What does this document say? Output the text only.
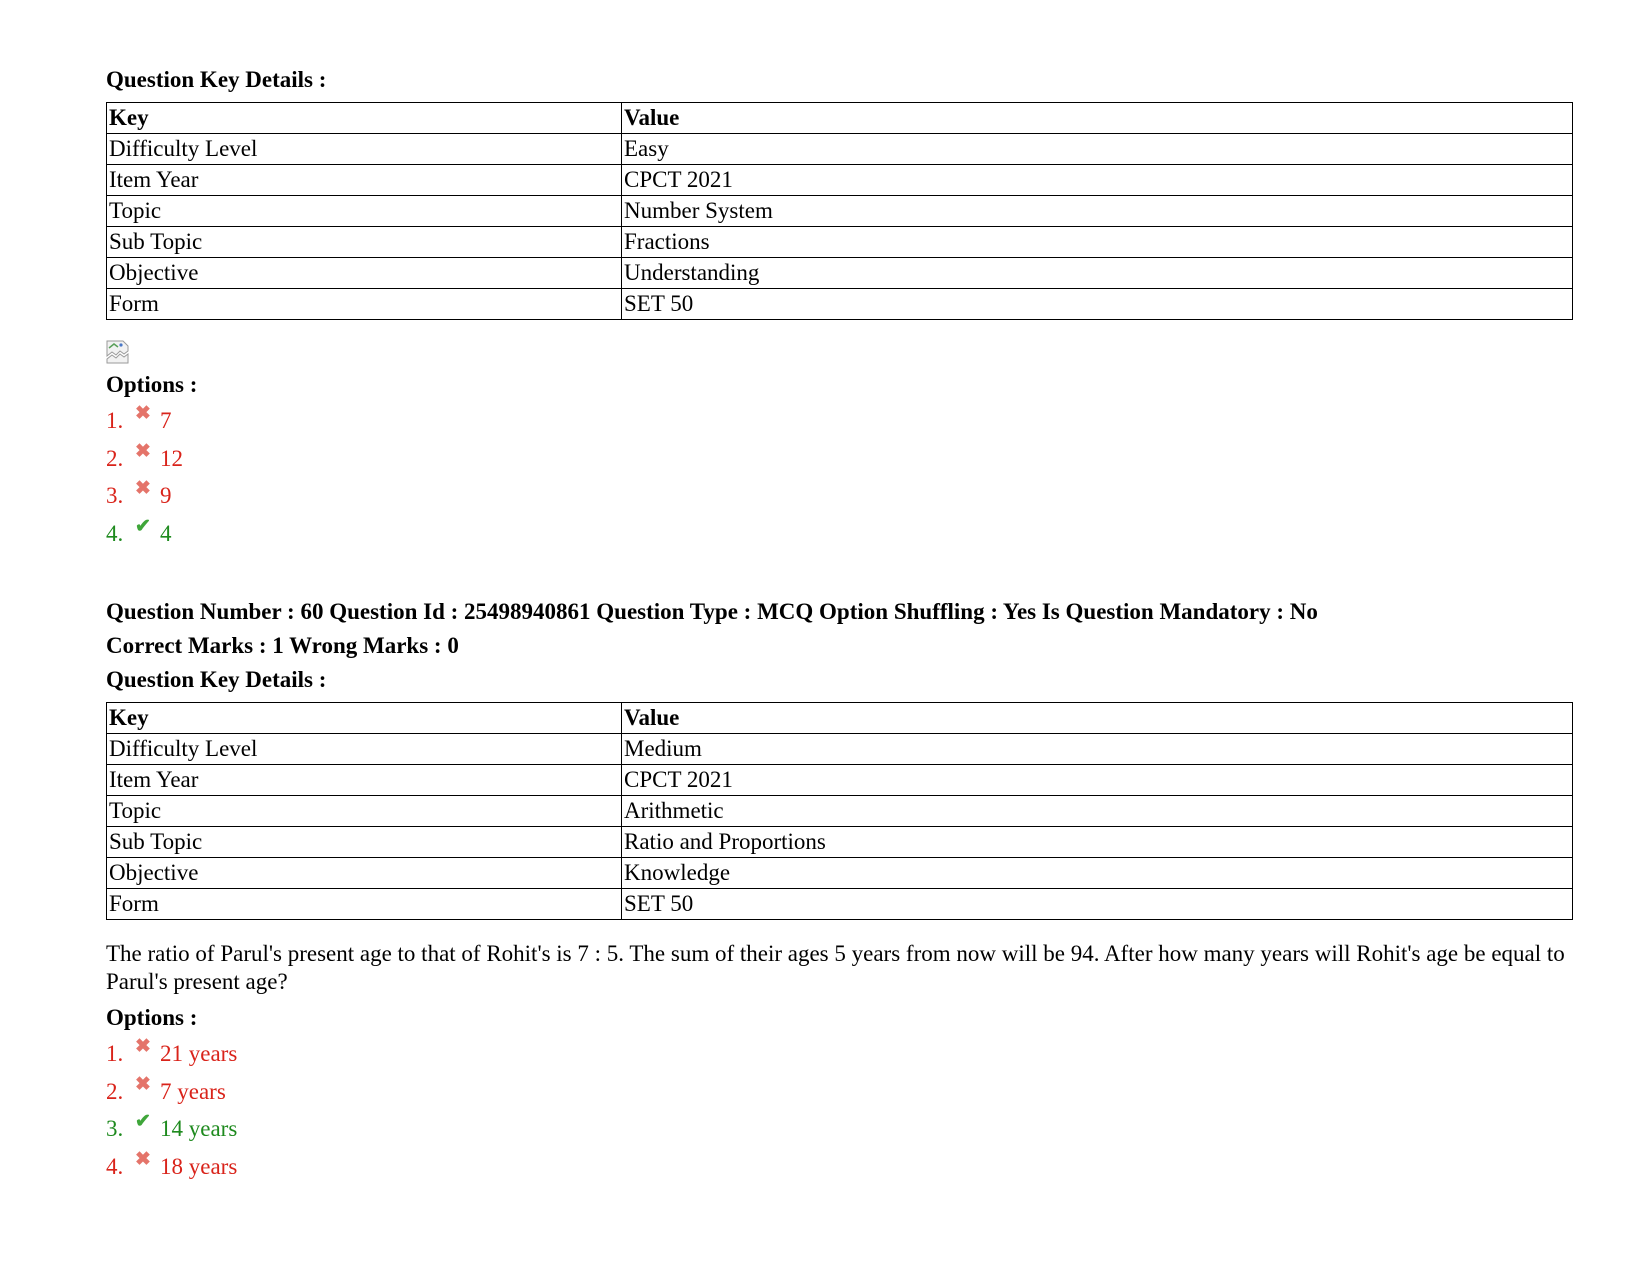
Question Key Details :
Key	Value
Difficulty Level	Easy
Item Year	CPCT 2021
Topic	Number System
Sub Topic	Fractions
Objective	Understanding
Form	SET 50
Options :
1. ✖ 7
2. ✖ 12
3. ✖ 9
4. ✔ 4
Question Number : 60 Question Id : 25498940861 Question Type : MCQ Option Shuffling : Yes Is Question Mandatory : No
Correct Marks : 1 Wrong Marks : 0
Question Key Details :
Key	Value
Difficulty Level	Medium
Item Year	CPCT 2021
Topic	Arithmetic
Sub Topic	Ratio and Proportions
Objective	Knowledge
Form	SET 50
The ratio of Parul's present age to that of Rohit's is 7 : 5. The sum of their ages 5 years from now will be 94. After how many years will Rohit's age be equal to Parul's present age?
Options :
1. ✖ 21 years
2. ✖ 7 years
3. ✔ 14 years
4. ✖ 18 years
